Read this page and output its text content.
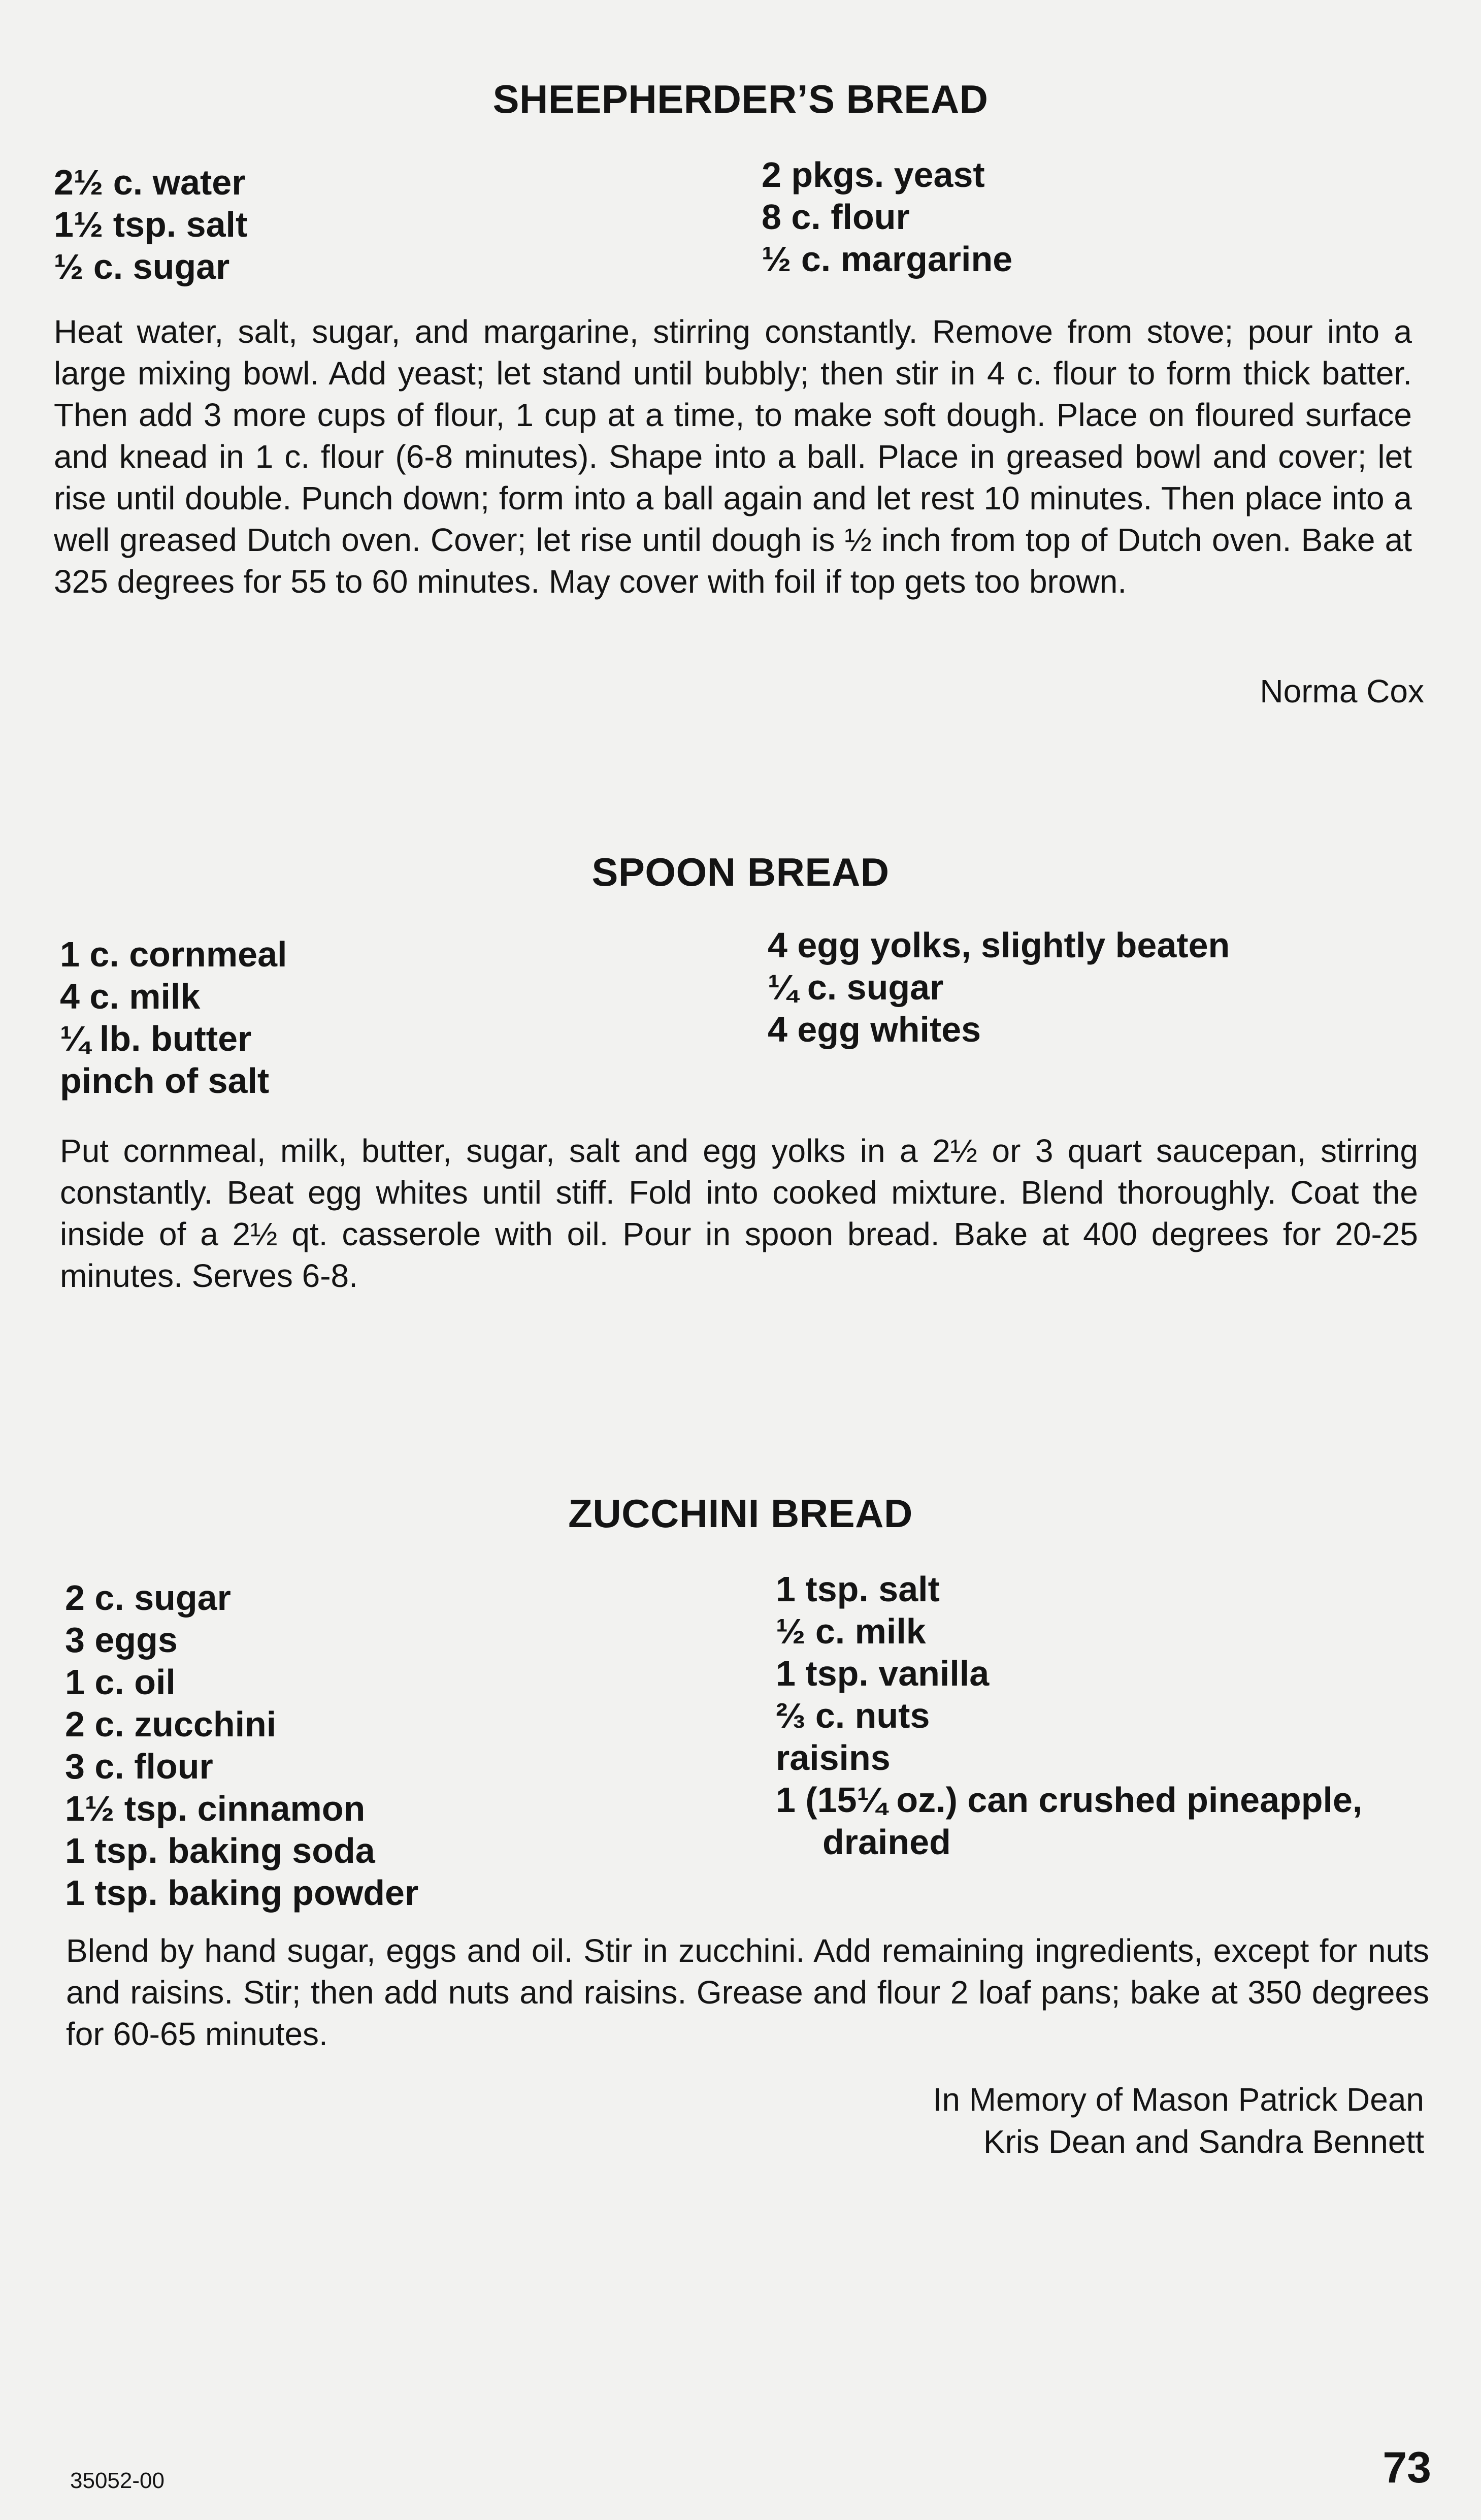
SHEEPHERDER’S BREAD
2½ c. water
1½ tsp. salt
½ c. sugar
2 pkgs. yeast
8 c. flour
½ c. margarine

Heat water, salt, sugar, and margarine, stirring constantly. Remove from stove; pour into a large mixing bowl. Add yeast; let stand until bubbly; then stir in 4 c. flour to form thick batter. Then add 3 more cups of flour, 1 cup at a time, to make soft dough. Place on floured surface and knead in 1 c. flour (6-8 minutes). Shape into a ball. Place in greased bowl and cover; let rise until double. Punch down; form into a ball again and let rest 10 minutes. Then place into a well greased Dutch oven. Cover; let rise until dough is ½ inch from top of Dutch oven. Bake at 325 degrees for 55 to 60 minutes. May cover with foil if top gets too brown.

Norma Cox
SPOON BREAD
1 c. cornmeal
4 c. milk
¼ lb. butter
pinch of salt
4 egg yolks, slightly beaten
¼ c. sugar
4 egg whites

Put cornmeal, milk, butter, sugar, salt and egg yolks in a 2½ or 3 quart saucepan, stirring constantly. Beat egg whites until stiff. Fold into cooked mixture. Blend thoroughly. Coat the inside of a 2½ qt. casserole with oil. Pour in spoon bread. Bake at 400 degrees for 20-25 minutes. Serves 6-8.

ZUCCHINI BREAD
2 c. sugar
3 eggs
1 c. oil
2 c. zucchini
3 c. flour
1½ tsp. cinnamon
1 tsp. baking soda
1 tsp. baking powder
1 tsp. salt
½ c. milk
1 tsp. vanilla
⅔ c. nuts
raisins
1 (15¼ oz.) can crushed pineapple,
drained

Blend by hand sugar, eggs and oil. Stir in zucchini. Add remaining ingredients, except for nuts and raisins. Stir; then add nuts and raisins. Grease and flour 2 loaf pans; bake at 350 degrees for 60-65 minutes.

In Memory of Mason Patrick Dean
Kris Dean and Sandra Bennett
35052-00	73
